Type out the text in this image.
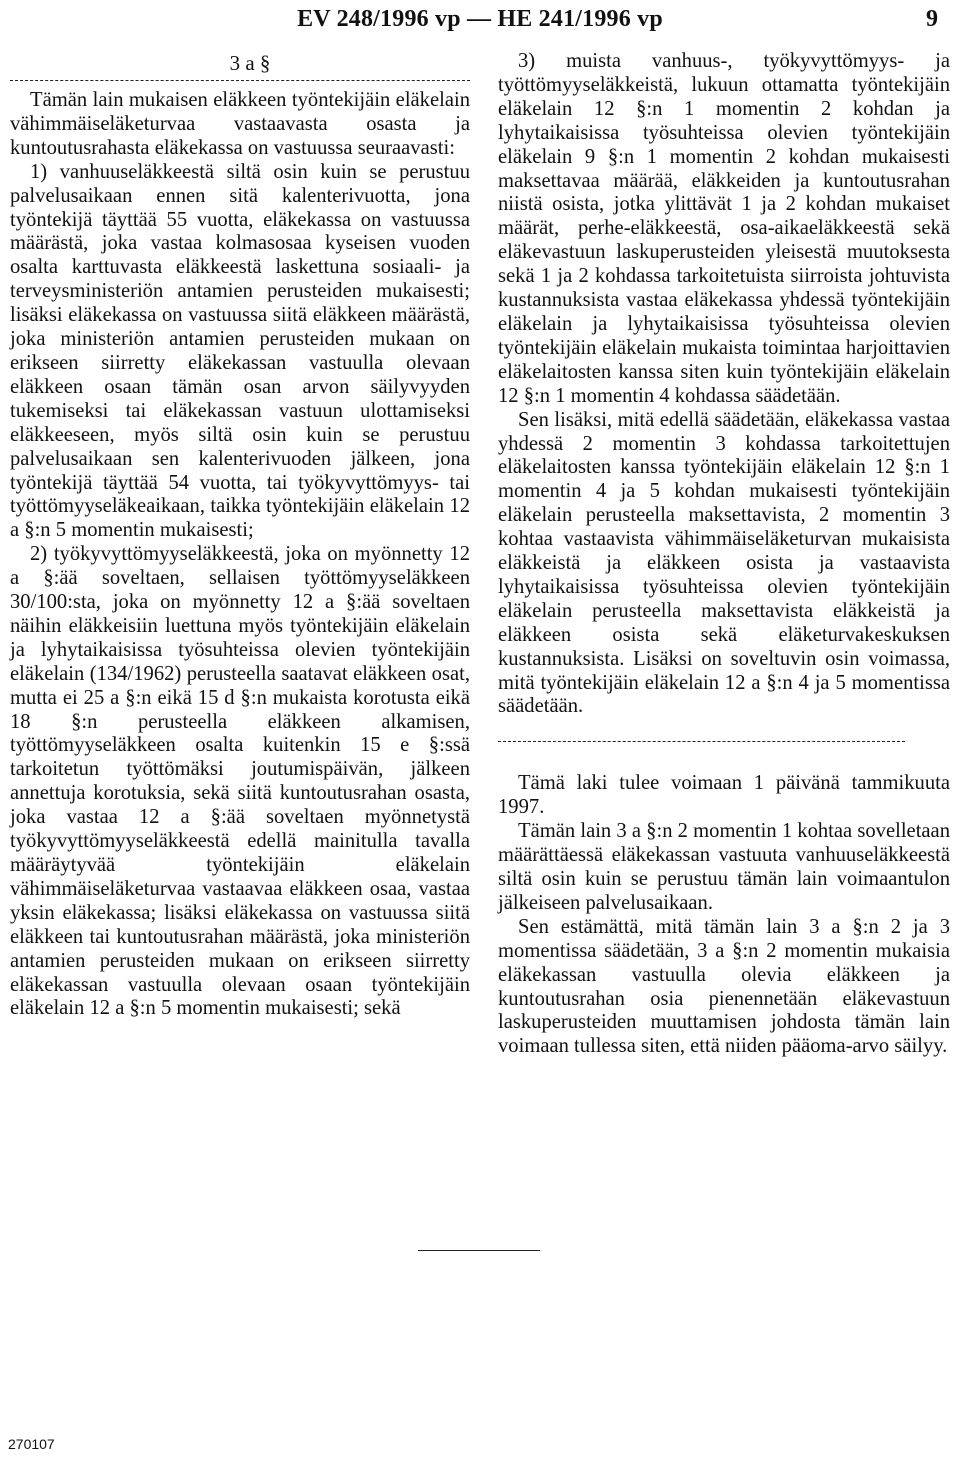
EV 248/1996 vp — HE 241/1996 vp	9

3 a §

Tämän lain mukaisen eläkkeen työntekijäin eläkelain vähimmäiseläketurvaa vastaavasta osasta ja kuntoutusrahasta eläkekassa on vastuussa seuraavasti:

1) vanhuuseläkkeestä siltä osin kuin se perustuu palvelusaikaan ennen sitä kalenterivuotta, jona työntekijä täyttää 55 vuotta, eläkekassa on vastuussa määrästä, joka vastaa kolmasosaa kyseisen vuoden osalta karttuvasta eläkkeestä laskettuna sosiaali- ja terveysministeriön antamien perusteiden mukaisesti; lisäksi eläkekassa on vastuussa siitä eläkkeen määrästä, joka ministeriön antamien perusteiden mukaan on erikseen siirretty eläkekassan vastuulla olevaan eläkkeen osaan tämän osan arvon säilyvyyden tukemiseksi tai eläkekassan vastuun ulottamiseksi eläkkeeseen, myös siltä osin kuin se perustuu palvelusaikaan sen kalenterivuoden jälkeen, jona työntekijä täyttää 54 vuotta, tai työkyvyttömyys- tai työttömyyseläkeaikaan, taikka työntekijäin eläkelain 12 a §:n 5 momentin mukaisesti;

2) työkyvyttömyyseläkkeestä, joka on myönnetty 12 a §:ää soveltaen, sellaisen työttömyyseläkkeen 30/100:sta, joka on myönnetty 12 a §:ää soveltaen näihin eläkkeisiin luettuna myös työntekijäin eläkelain ja lyhytaikaisissa työsuhteissa olevien työntekijäin eläkelain (134/1962) perusteella saatavat eläkkeen osat, mutta ei 25 a §:n eikä 15 d §:n mukaista korotusta eikä 18 §:n perusteella eläkkeen alkamisen, työttömyyseläkkeen osalta kuitenkin 15 e §:ssä tarkoitetun työttömäksi joutumispäivän, jälkeen annettuja korotuksia, sekä siitä kuntoutusrahan osasta, joka vastaa 12 a §:ää soveltaen myönnetystä työkyvyttömyyseläkkeestä edellä mainitulla tavalla määräytyvää työntekijäin eläkelain vähimmäiseläketurvaa vastaavaa eläkkeen osaa, vastaa yksin eläkekassa; lisäksi eläkekassa on vastuussa siitä eläkkeen tai kuntoutusrahan määrästä, joka ministeriön antamien perusteiden mukaan on erikseen siirretty eläkekassan vastuulla olevaan osaan työntekijäin eläkelain 12 a §:n 5 momentin mukaisesti; sekä

3) muista vanhuus-, työkyvyttömyys- ja työttömyyseläkkeistä, lukuun ottamatta työntekijäin eläkelain 12 §:n 1 momentin 2 kohdan ja lyhytaikaisissa työsuhteissa olevien työntekijäin eläkelain 9 §:n 1 momentin 2 kohdan mukaisesti maksettavaa määrää, eläkkeiden ja kuntoutusrahan niistä osista, jotka ylittävät 1 ja 2 kohdan mukaiset määrät, perhe-eläkkeestä, osa-aikaeläkkeestä sekä eläkevastuun laskuperusteiden yleisestä muutoksesta sekä 1 ja 2 kohdassa tarkoitetuista siirroista johtuvista kustannuksista vastaa eläkekassa yhdessä työntekijäin eläkelain ja lyhytaikaisissa työsuhteissa olevien työntekijäin eläkelain mukaista toimintaa harjoittavien eläkelaitosten kanssa siten kuin työntekijäin eläkelain 12 §:n 1 momentin 4 kohdassa säädetään.

Sen lisäksi, mitä edellä säädetään, eläkekassa vastaa yhdessä 2 momentin 3 kohdassa tarkoitettujen eläkelaitosten kanssa työntekijäin eläkelain 12 §:n 1 momentin 4 ja 5 kohdan mukaisesti työntekijäin eläkelain perusteella maksettavista, 2 momentin 3 kohtaa vastaavista vähimmäiseläketurvan mukaisista eläkkeistä ja eläkkeen osista ja vastaavista lyhytaikaisissa työsuhteissa olevien työntekijäin eläkelain perusteella maksettavista eläkkeistä ja eläkkeen osista sekä eläketurvakeskuksen kustannuksista. Lisäksi on soveltuvin osin voimassa, mitä työntekijäin eläkelain 12 a §:n 4 ja 5 momentissa säädetään.

Tämä laki tulee voimaan 1 päivänä tammikuuta 1997.

Tämän lain 3 a §:n 2 momentin 1 kohtaa sovelletaan määrättäessä eläkekassan vastuuta vanhuuseläkkeestä siltä osin kuin se perustuu tämän lain voimaantulon jälkeiseen palvelusaikaan.

Sen estämättä, mitä tämän lain 3 a §:n 2 ja 3 momentissa säädetään, 3 a §:n 2 momentin mukaisia eläkekassan vastuulla olevia eläkkeen ja kuntoutusrahan osia pienennetään eläkevastuun laskuperusteiden muuttamisen johdosta tämän lain voimaan tullessa siten, että niiden pääoma-arvo säilyy.

270107
